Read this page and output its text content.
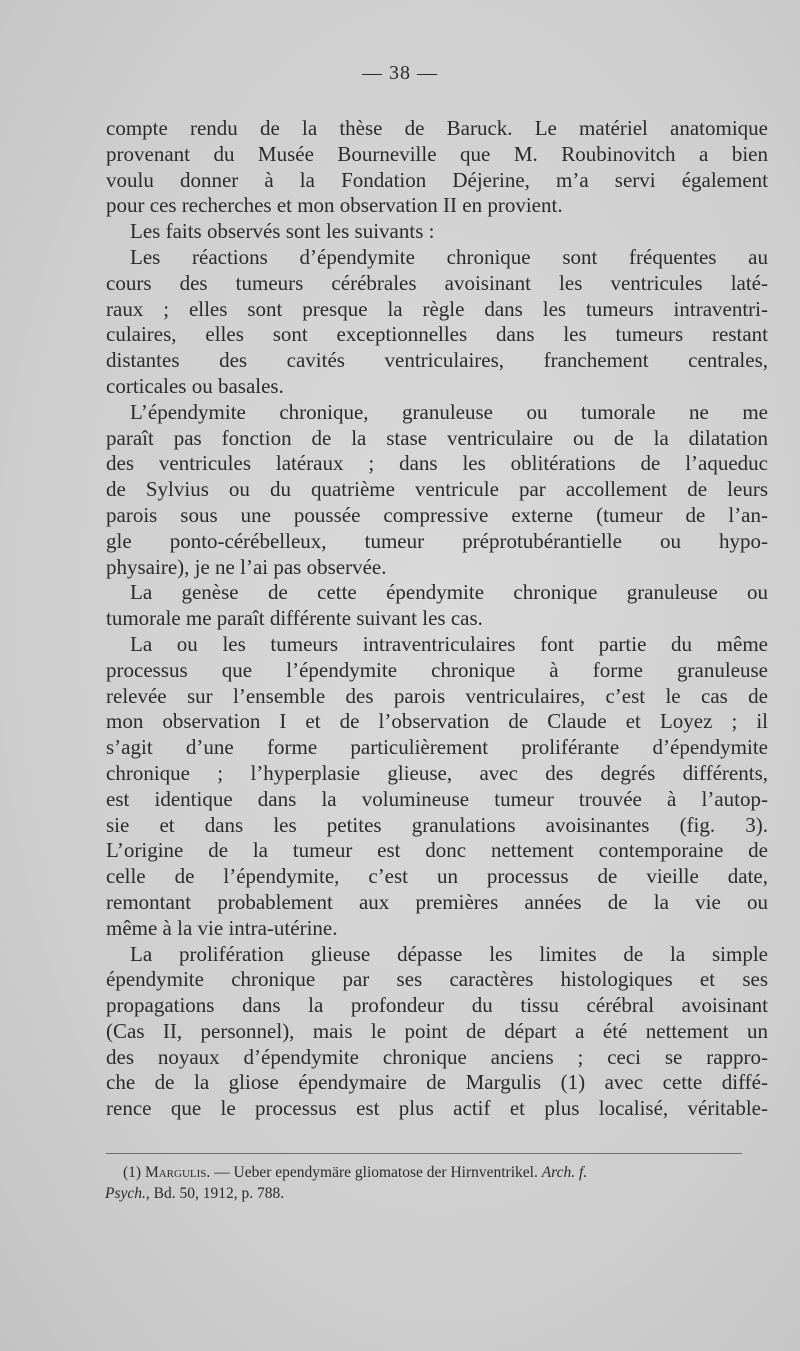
— 38 —
compte rendu de la thèse de Baruck. Le matériel anatomique
provenant du Musée Bourneville que M. Roubinovitch a bien
voulu donner à la Fondation Déjerine, m’a servi également
pour ces recherches et mon observation II en provient.
Les faits observés sont les suivants :
Les réactions d’épendymite chronique sont fréquentes au
cours des tumeurs cérébrales avoisinant les ventricules laté-
raux ; elles sont presque la règle dans les tumeurs intraventri-
culaires, elles sont exceptionnelles dans les tumeurs restant
distantes des cavités ventriculaires, franchement centrales,
corticales ou basales.
L’épendymite chronique, granuleuse ou tumorale ne me
paraît pas fonction de la stase ventriculaire ou de la dilatation
des ventricules latéraux ; dans les oblitérations de l’aqueduc
de Sylvius ou du quatrième ventricule par accollement de leurs
parois sous une poussée compressive externe (tumeur de l’an-
gle ponto-cérébelleux, tumeur préprotubérantielle ou hypo-
physaire), je ne l’ai pas observée.
La genèse de cette épendymite chronique granuleuse ou
tumorale me paraît différente suivant les cas.
La ou les tumeurs intraventriculaires font partie du même
processus que l’épendymite chronique à forme granuleuse
relevée sur l’ensemble des parois ventriculaires, c’est le cas de
mon observation I et de l’observation de Claude et Loyez ; il
s’agit d’une forme particulièrement proliférante d’épendymite
chronique ; l’hyperplasie glieuse, avec des degrés différents,
est identique dans la volumineuse tumeur trouvée à l’autop-
sie et dans les petites granulations avoisinantes (fig. 3).
L’origine de la tumeur est donc nettement contemporaine de
celle de l’épendymite, c’est un processus de vieille date,
remontant probablement aux premières années de la vie ou
même à la vie intra-utérine.
La prolifération glieuse dépasse les limites de la simple
épendymite chronique par ses caractères histologiques et ses
propagations dans la profondeur du tissu cérébral avoisinant
(Cas II, personnel), mais le point de départ a été nettement un
des noyaux d’épendymite chronique anciens ; ceci se rappro-
che de la gliose épendymaire de Margulis (1) avec cette diffé-
rence que le processus est plus actif et plus localisé, véritable-
(1) Margulis. — Ueber ependymäre gliomatose der Hirnventrikel. Arch. f.
Psych., Bd. 50, 1912, p. 788.
